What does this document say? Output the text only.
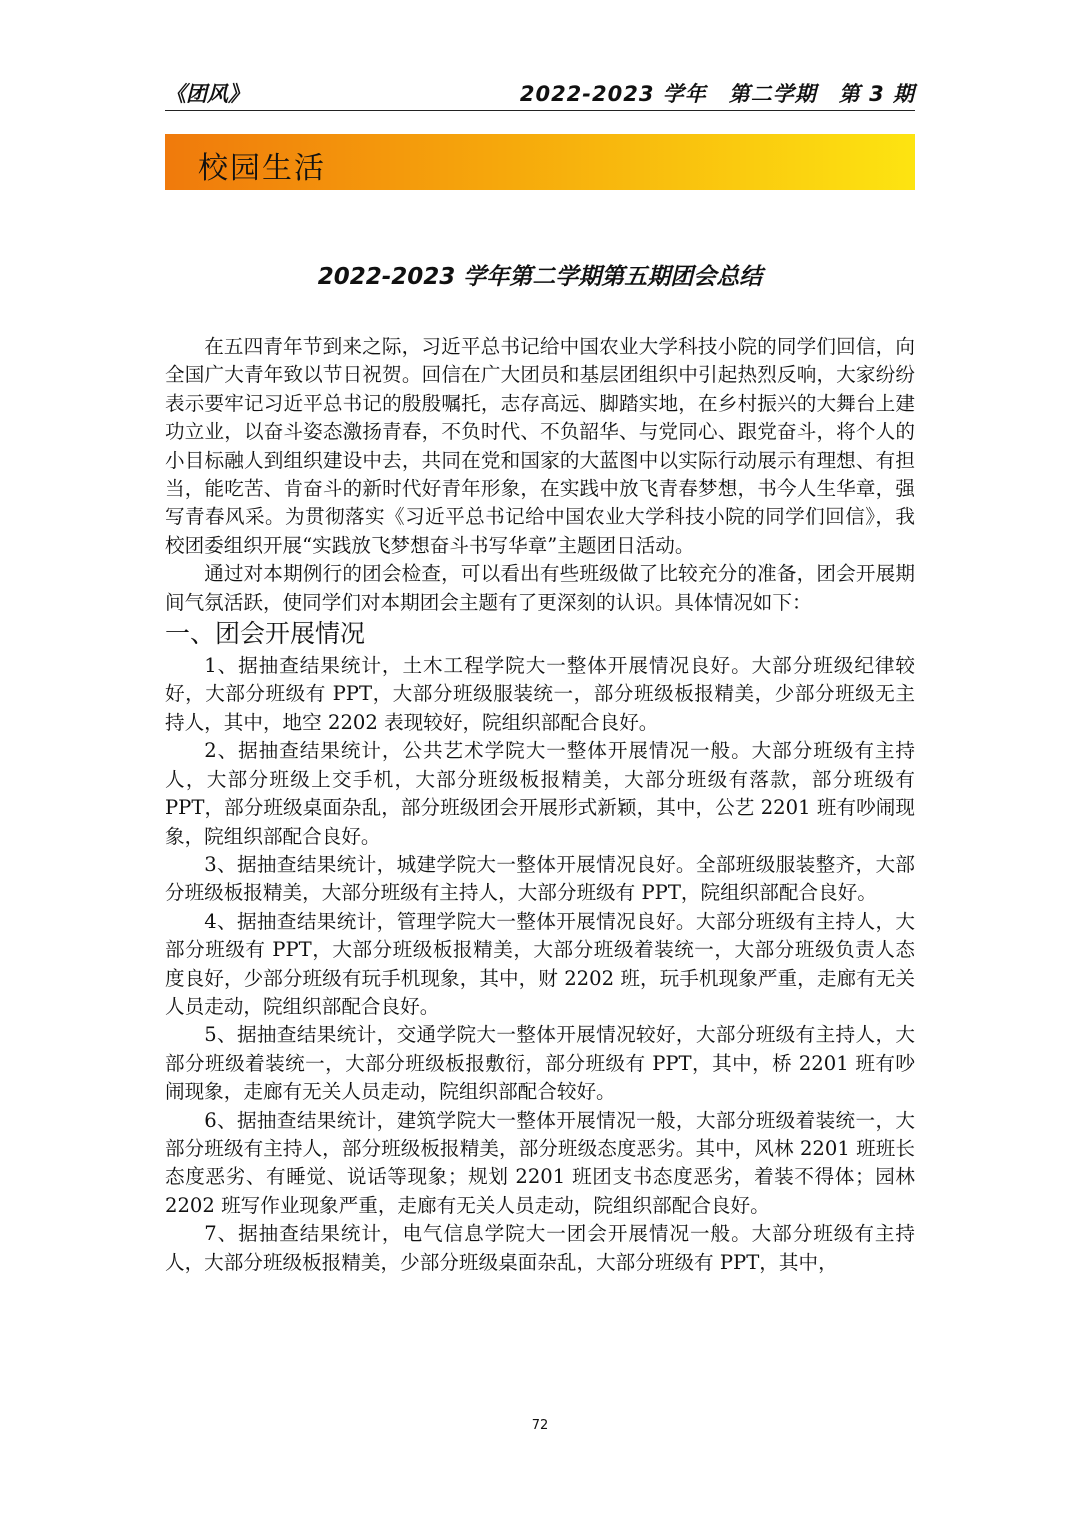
《团风》	2022-2023 学年　第二学期　第 3 期
校园生活
2022-2023 学年第二学期第五期团会总结

在五四青年节到来之际，习近平总书记给中国农业大学科技小院的同学们回信，向全国广大青年致以节日祝贺。回信在广大团员和基层团组织中引起热烈反响，大家纷纷表示要牢记习近平总书记的殷殷嘱托，志存高远、脚踏实地，在乡村振兴的大舞台上建功立业，以奋斗姿态激扬青春，不负时代、不负韶华、与党同心、跟党奋斗，将个人的小目标融人到组织建设中去，共同在党和国家的大蓝图中以实际行动展示有理想、有担当，能吃苦、肯奋斗的新时代好青年形象，在实践中放飞青春梦想，书今人生华章，强写青春风采。为贯彻落实《习近平总书记给中国农业大学科技小院的同学们回信》，我校团委组织开展“实践放飞梦想奋斗书写华章”主题团日活动。

通过对本期例行的团会检查，可以看出有些班级做了比较充分的准备，团会开展期间气氛活跃，使同学们对本期团会主题有了更深刻的认识。具体情况如下：

一、团会开展情况

1、据抽查结果统计，土木工程学院大一整体开展情况良好。大部分班级纪律较好，大部分班级有 PPT，大部分班级服装统一，部分班级板报精美，少部分班级无主持人，其中，地空 2202 表现较好，院组织部配合良好。

2、据抽查结果统计，公共艺术学院大一整体开展情况一般。大部分班级有主持人，大部分班级上交手机，大部分班级板报精美，大部分班级有落款，部分班级有 PPT，部分班级桌面杂乱，部分班级团会开展形式新颖，其中，公艺 2201 班有吵闹现象，院组织部配合良好。

3、据抽查结果统计，城建学院大一整体开展情况良好。全部班级服装整齐，大部分班级板报精美，大部分班级有主持人，大部分班级有 PPT，院组织部配合良好。

4、据抽查结果统计，管理学院大一整体开展情况良好。大部分班级有主持人，大部分班级有 PPT，大部分班级板报精美，大部分班级着装统一，大部分班级负责人态度良好，少部分班级有玩手机现象，其中，财 2202 班，玩手机现象严重，走廊有无关人员走动，院组织部配合良好。

5、据抽查结果统计，交通学院大一整体开展情况较好，大部分班级有主持人，大部分班级着装统一，大部分班级板报敷衍，部分班级有 PPT，其中，桥 2201 班有吵闹现象，走廊有无关人员走动，院组织部配合较好。

6、据抽查结果统计，建筑学院大一整体开展情况一般，大部分班级着装统一，大部分班级有主持人，部分班级板报精美，部分班级态度恶劣。其中，风林 2201 班班长态度恶劣、有睡觉、说话等现象；规划 2201 班团支书态度恶劣，着装不得体；园林 2202 班写作业现象严重，走廊有无关人员走动，院组织部配合良好。

7、据抽查结果统计，电气信息学院大一团会开展情况一般。大部分班级有主持人，大部分班级板报精美，少部分班级桌面杂乱，大部分班级有 PPT，其中，

72
